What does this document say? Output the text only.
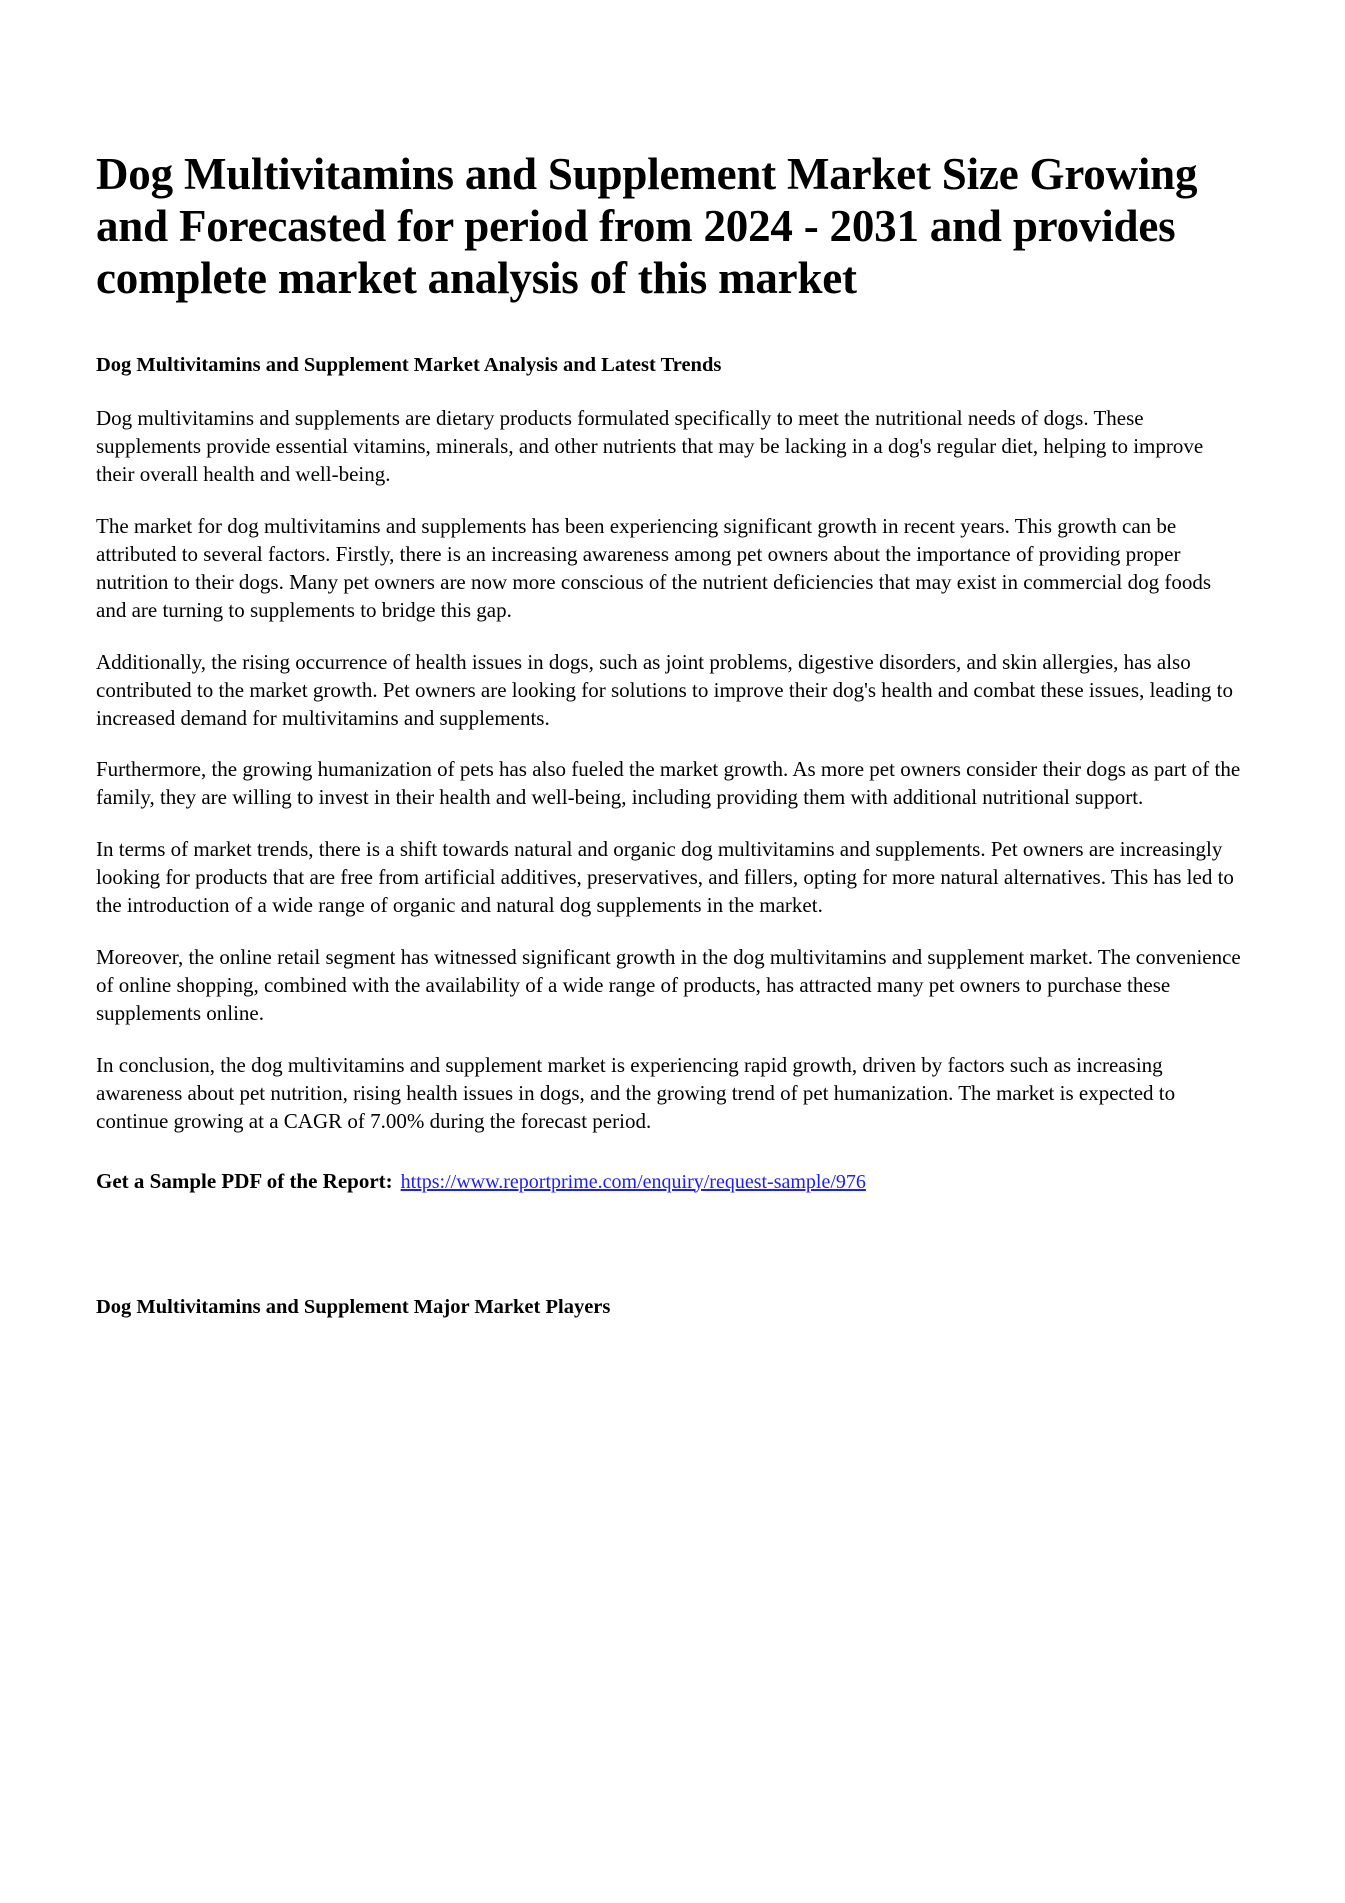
Dog Multivitamins and Supplement Market Size Growing and Forecasted for period from 2024 - 2031 and provides complete market analysis of this market
Dog Multivitamins and Supplement Market Analysis and Latest Trends

Dog multivitamins and supplements are dietary products formulated specifically to meet the nutritional needs of dogs. These supplements provide essential vitamins, minerals, and other nutrients that may be lacking in a dog's regular diet, helping to improve their overall health and well-being.

The market for dog multivitamins and supplements has been experiencing significant growth in recent years. This growth can be attributed to several factors. Firstly, there is an increasing awareness among pet owners about the importance of providing proper nutrition to their dogs. Many pet owners are now more conscious of the nutrient deficiencies that may exist in commercial dog foods and are turning to supplements to bridge this gap.

Additionally, the rising occurrence of health issues in dogs, such as joint problems, digestive disorders, and skin allergies, has also contributed to the market growth. Pet owners are looking for solutions to improve their dog's health and combat these issues, leading to increased demand for multivitamins and supplements.

Furthermore, the growing humanization of pets has also fueled the market growth. As more pet owners consider their dogs as part of the family, they are willing to invest in their health and well-being, including providing them with additional nutritional support.

In terms of market trends, there is a shift towards natural and organic dog multivitamins and supplements. Pet owners are increasingly looking for products that are free from artificial additives, preservatives, and fillers, opting for more natural alternatives. This has led to the introduction of a wide range of organic and natural dog supplements in the market.

Moreover, the online retail segment has witnessed significant growth in the dog multivitamins and supplement market. The convenience of online shopping, combined with the availability of a wide range of products, has attracted many pet owners to purchase these supplements online.

In conclusion, the dog multivitamins and supplement market is experiencing rapid growth, driven by factors such as increasing awareness about pet nutrition, rising health issues in dogs, and the growing trend of pet humanization. The market is expected to continue growing at a CAGR of 7.00% during the forecast period.

Get a Sample PDF of the Report: https://www.reportprime.com/enquiry/request-sample/976
Dog Multivitamins and Supplement Major Market Players
